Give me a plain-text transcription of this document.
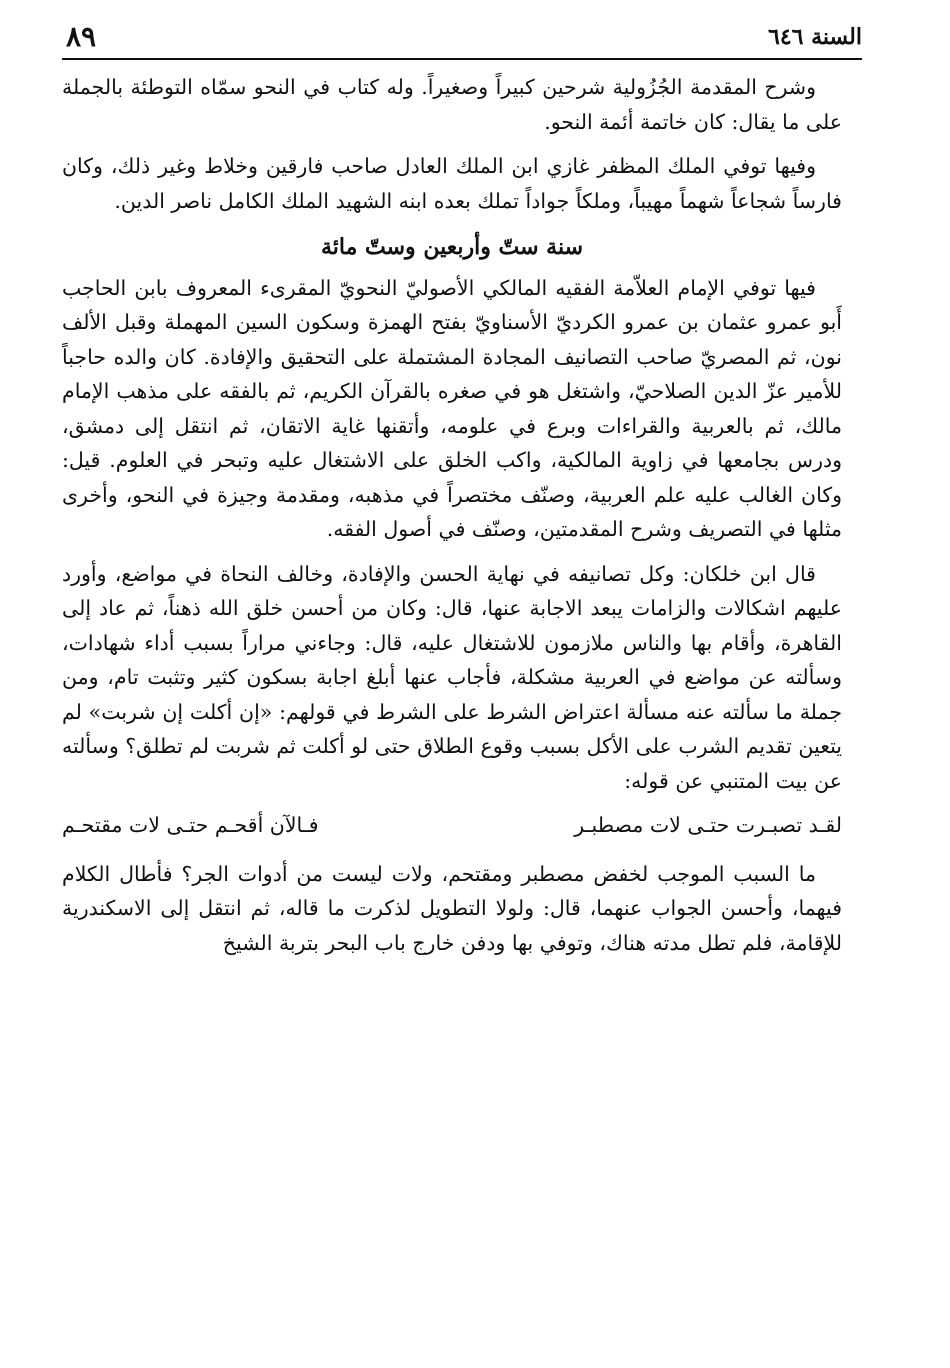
السنة ٦٤٦
٨٩

وشرح المقدمة الجُزُولية شرحين كبيراً وصغيراً. وله كتاب في النحو سمّاه التوطئة بالجملة على ما يقال: كان خاتمة أئمة النحو.

وفيها توفي الملك المظفر غازي ابن الملك العادل صاحب فارقين وخلاط وغير ذلك، وكان فارساً شجاعاً شهماً مهيباً، وملكاً جواداً تملك بعده ابنه الشهيد الملك الكامل ناصر الدين.

سنة ستّ وأربعين وستّ مائة

فيها توفي الإمام العلاّمة الفقيه المالكي الأصوليّ النحويّ المقرىء المعروف بابن الحاجب أَبو عمرو عثمان بن عمرو الكرديّ الأسناويّ بفتح الهمزة وسكون السين المهملة وقبل الألف نون، ثم المصريّ صاحب التصانيف المجادة المشتملة على التحقيق والإفادة. كان والده حاجباً للأمير عزّ الدين الصلاحيّ، واشتغل هو في صغره بالقرآن الكريم، ثم بالفقه على مذهب الإمام مالك، ثم بالعربية والقراءات وبرع في علومه، وأتقنها غاية الاتقان، ثم انتقل إلى دمشق، ودرس بجامعها في زاوية المالكية، واكب الخلق على الاشتغال عليه وتبحر في العلوم. قيل: وكان الغالب عليه علم العربية، وصنّف مختصراً في مذهبه، ومقدمة وجيزة في النحو، وأخرى مثلها في التصريف وشرح المقدمتين، وصنّف في أصول الفقه.

قال ابن خلكان: وكل تصانيفه في نهاية الحسن والإفادة، وخالف النحاة في مواضع، وأورد عليهم اشكالات والزامات يبعد الاجابة عنها، قال: وكان من أحسن خلق الله ذهناً، ثم عاد إلى القاهرة، وأقام بها والناس ملازمون للاشتغال عليه، قال: وجاءني مراراً بسبب أداء شهادات، وسألته عن مواضع في العربية مشكلة، فأجاب عنها أبلغ اجابة بسكون كثير وتثبت تام، ومن جملة ما سألته عنه مسألة اعتراض الشرط على الشرط في قولهم: «إن أكلت إن شربت» لم يتعين تقديم الشرب على الأكل بسبب وقوع الطلاق حتى لو أكلت ثم شربت لم تطلق؟ وسألته عن بيت المتنبي عن قوله:

لقـد تصبـرت حتـى لات مصطبـر
فـالآن أقحـم حتـى لات مقتحـم

ما السبب الموجب لخفض مصطبر ومقتحم، ولات ليست من أدوات الجر؟ فأطال الكلام فيهما، وأحسن الجواب عنهما، قال: ولولا التطويل لذكرت ما قاله، ثم انتقل إلى الاسكندرية للإقامة، فلم تطل مدته هناك، وتوفي بها ودفن خارج باب البحر بتربة الشيخ
